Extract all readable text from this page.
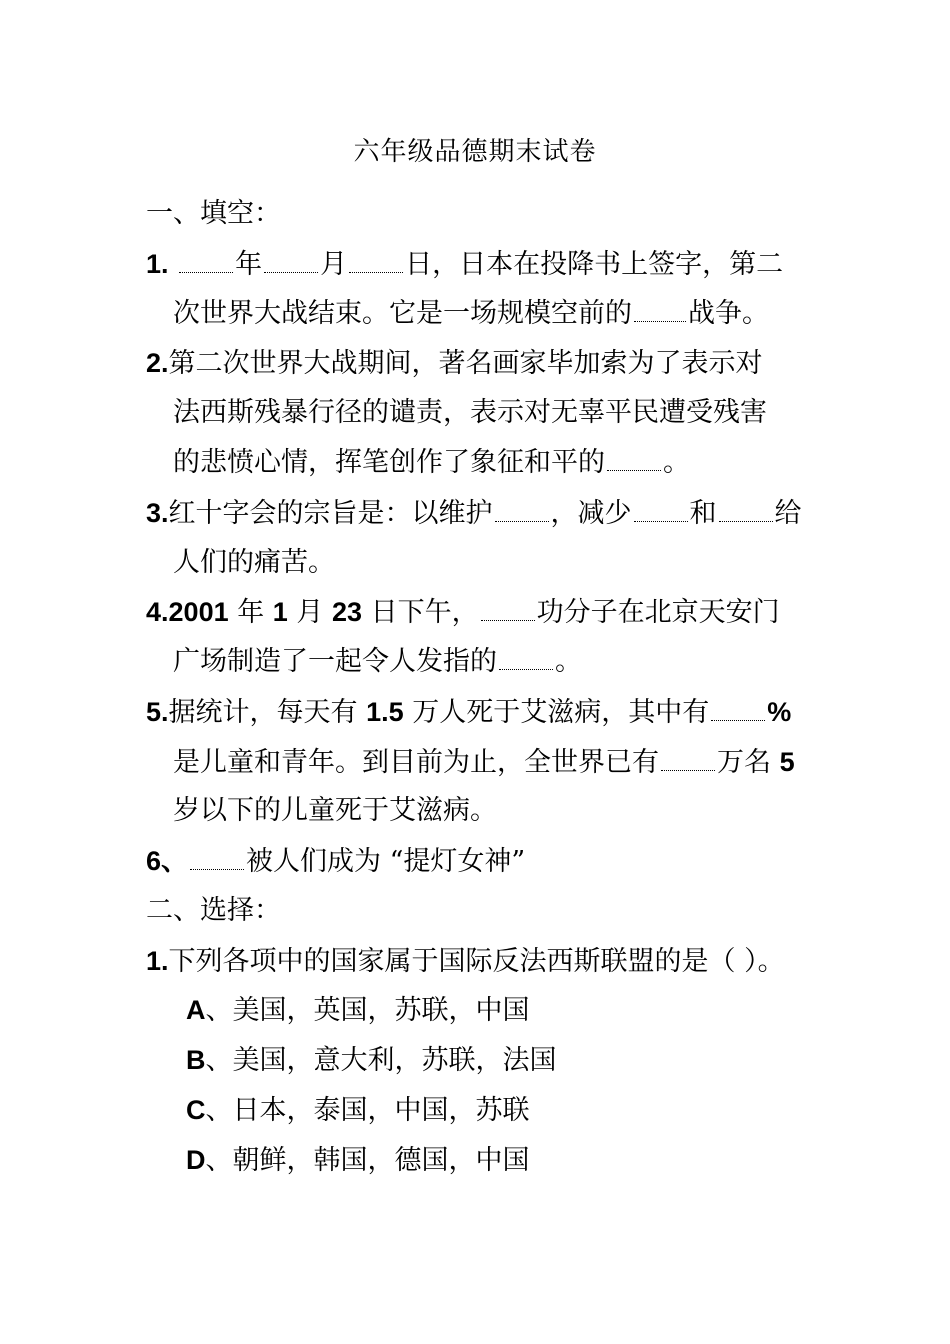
六年级品德期末试卷
一、填空：
1. 年 月 日，日本在投降书上签字，第二
次世界大战结束。它是一场规模空前的 战争。
2.第二次世界大战期间，著名画家毕加索为了表示对
法西斯残暴行径的谴责，表示对无辜平民遭受残害
的悲愤心情，挥笔创作了象征和平的 。
3.红十字会的宗旨是：以维护 ，减少 和 给
人们的痛苦。
4.2001 年 1 月 23 日下午， 功分子在北京天安门
广场制造了一起令人发指的 。
5.据统计，每天有 1.5 万人死于艾滋病，其中有 %
是儿童和青年。到目前为止，全世界已有 万名 5
岁以下的儿童死于艾滋病。
6、 被人们成为 “提灯女神”
二、选择：
1.下列各项中的国家属于国际反法西斯联盟的是（ ）。
A、美国，英国，苏联，中国
B、美国，意大利，苏联，法国
C、日本，泰国，中国，苏联
D、朝鲜，韩国，德国，中国
